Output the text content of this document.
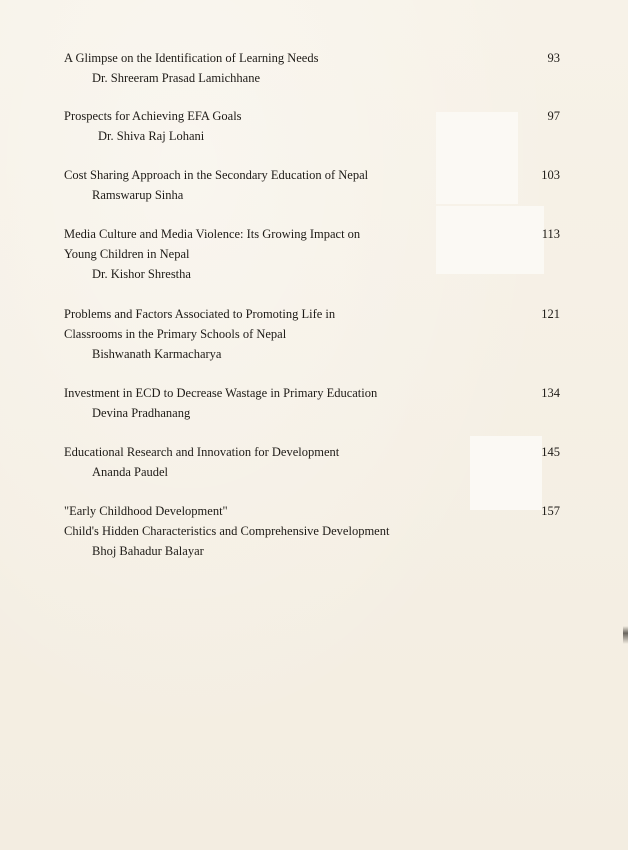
A Glimpse on the Identification of Learning Needs
Dr. Shreeram Prasad Lamichhane
93
Prospects for Achieving EFA Goals
Dr. Shiva Raj Lohani
97
Cost Sharing Approach in the Secondary Education of Nepal
Ramswarup Sinha
103
Media Culture and Media Violence: Its Growing Impact on
Young Children in Nepal
Dr. Kishor Shrestha
113
Problems and Factors Associated to Promoting Life in
Classrooms in the Primary Schools of Nepal
Bishwanath Karmacharya
121
Investment in ECD to Decrease Wastage in Primary Education
Devina Pradhanang
134
Educational Research and Innovation for Development
Ananda Paudel
145
"Early Childhood Development"
Child's Hidden Characteristics and Comprehensive Development
Bhoj Bahadur Balayar
157
